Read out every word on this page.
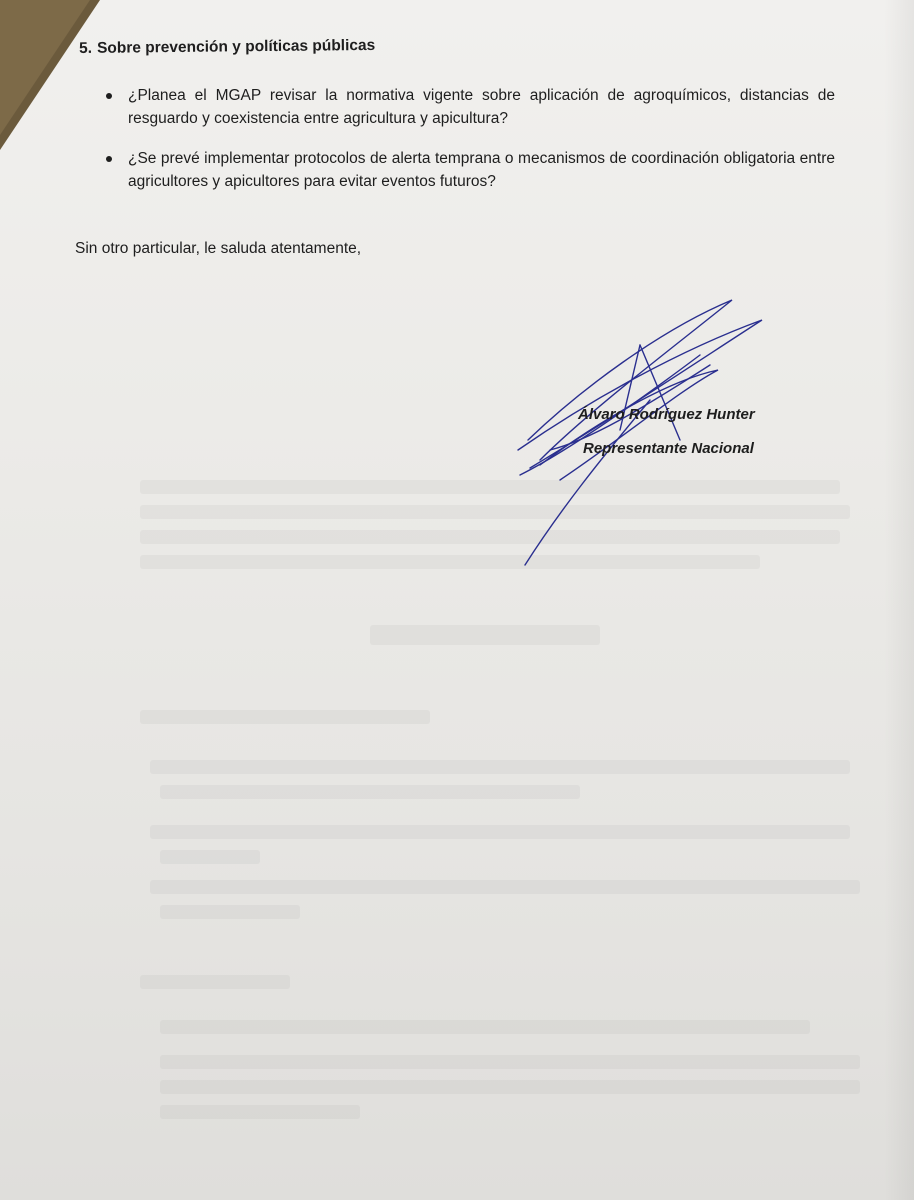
5. Sobre prevención y políticas públicas
¿Planea el MGAP revisar la normativa vigente sobre aplicación de agroquímicos, distancias de resguardo y coexistencia entre agricultura y apicultura?
¿Se prevé implementar protocolos de alerta temprana o mecanismos de coordinación obligatoria entre agricultores y apicultores para evitar eventos futuros?
Sin otro particular, le saluda atentamente,
Álvaro Rodríguez Hunter
Representante Nacional
